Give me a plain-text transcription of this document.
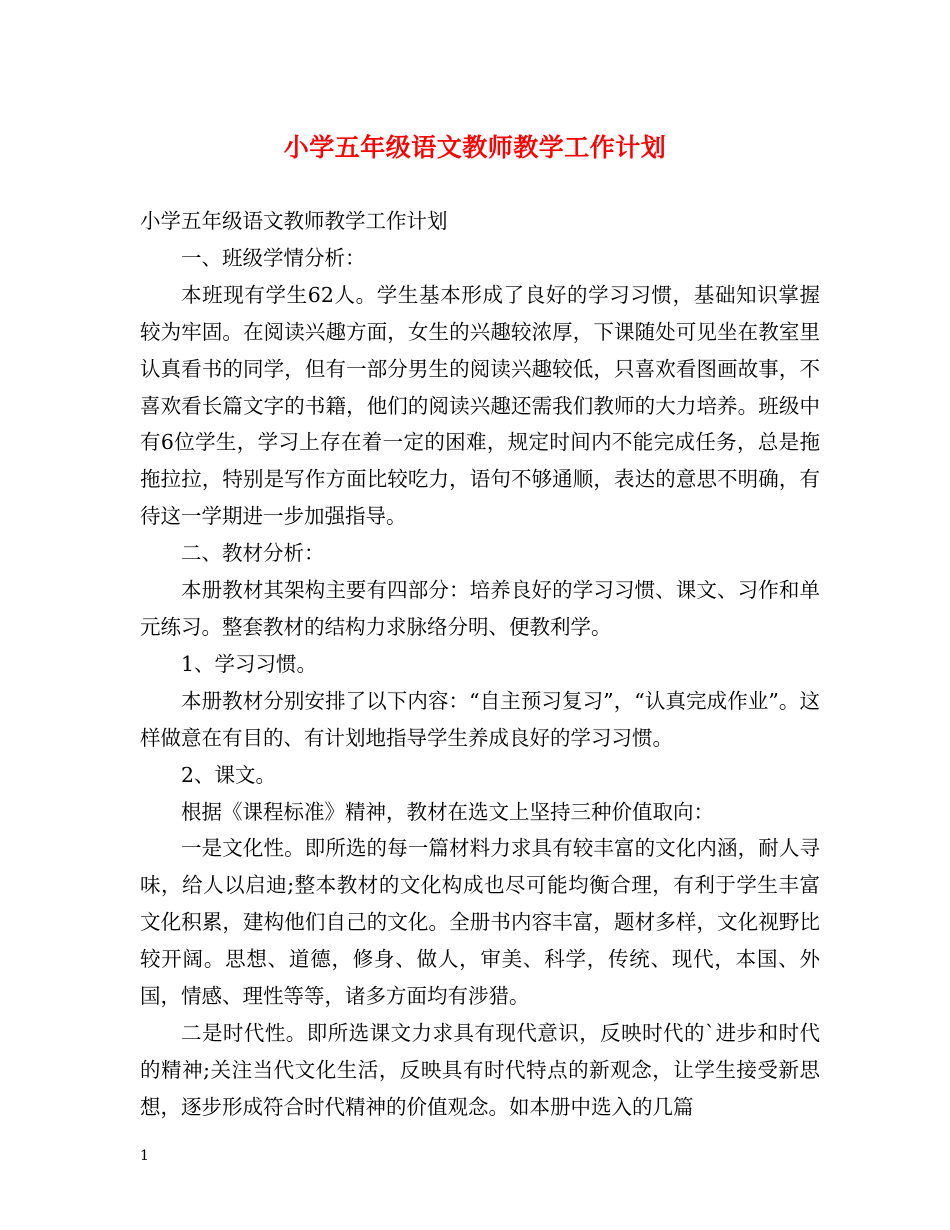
小学五年级语文教师教学工作计划

小学五年级语文教师教学工作计划

一、班级学情分析：

本班现有学生62人。学生基本形成了良好的学习习惯，基础知识掌握较为牢固。在阅读兴趣方面，女生的兴趣较浓厚，下课随处可见坐在教室里认真看书的同学，但有一部分男生的阅读兴趣较低，只喜欢看图画故事，不喜欢看长篇文字的书籍，他们的阅读兴趣还需我们教师的大力培养。班级中有6位学生，学习上存在着一定的困难，规定时间内不能完成任务，总是拖拖拉拉，特别是写作方面比较吃力，语句不够通顺，表达的意思不明确，有待这一学期进一步加强指导。

二、教材分析：

本册教材其架构主要有四部分：培养良好的学习习惯、课文、习作和单元练习。整套教材的结构力求脉络分明、便教利学。

1、学习习惯。

本册教材分别安排了以下内容：“自主预习复习”，“认真完成作业”。这样做意在有目的、有计划地指导学生养成良好的学习习惯。

2、课文。

根据《课程标准》精神，教材在选文上坚持三种价值取向：

一是文化性。即所选的每一篇材料力求具有较丰富的文化内涵，耐人寻味，给人以启迪;整本教材的文化构成也尽可能均衡合理，有利于学生丰富文化积累，建构他们自己的文化。全册书内容丰富，题材多样，文化视野比较开阔。思想、道德，修身、做人，审美、科学，传统、现代，本国、外国，情感、理性等等，诸多方面均有涉猎。

二是时代性。即所选课文力求具有现代意识，反映时代的`进步和时代的精神;关注当代文化生活，反映具有时代特点的新观念，让学生接受新思想，逐步形成符合时代精神的价值观念。如本册中选入的几篇

1
